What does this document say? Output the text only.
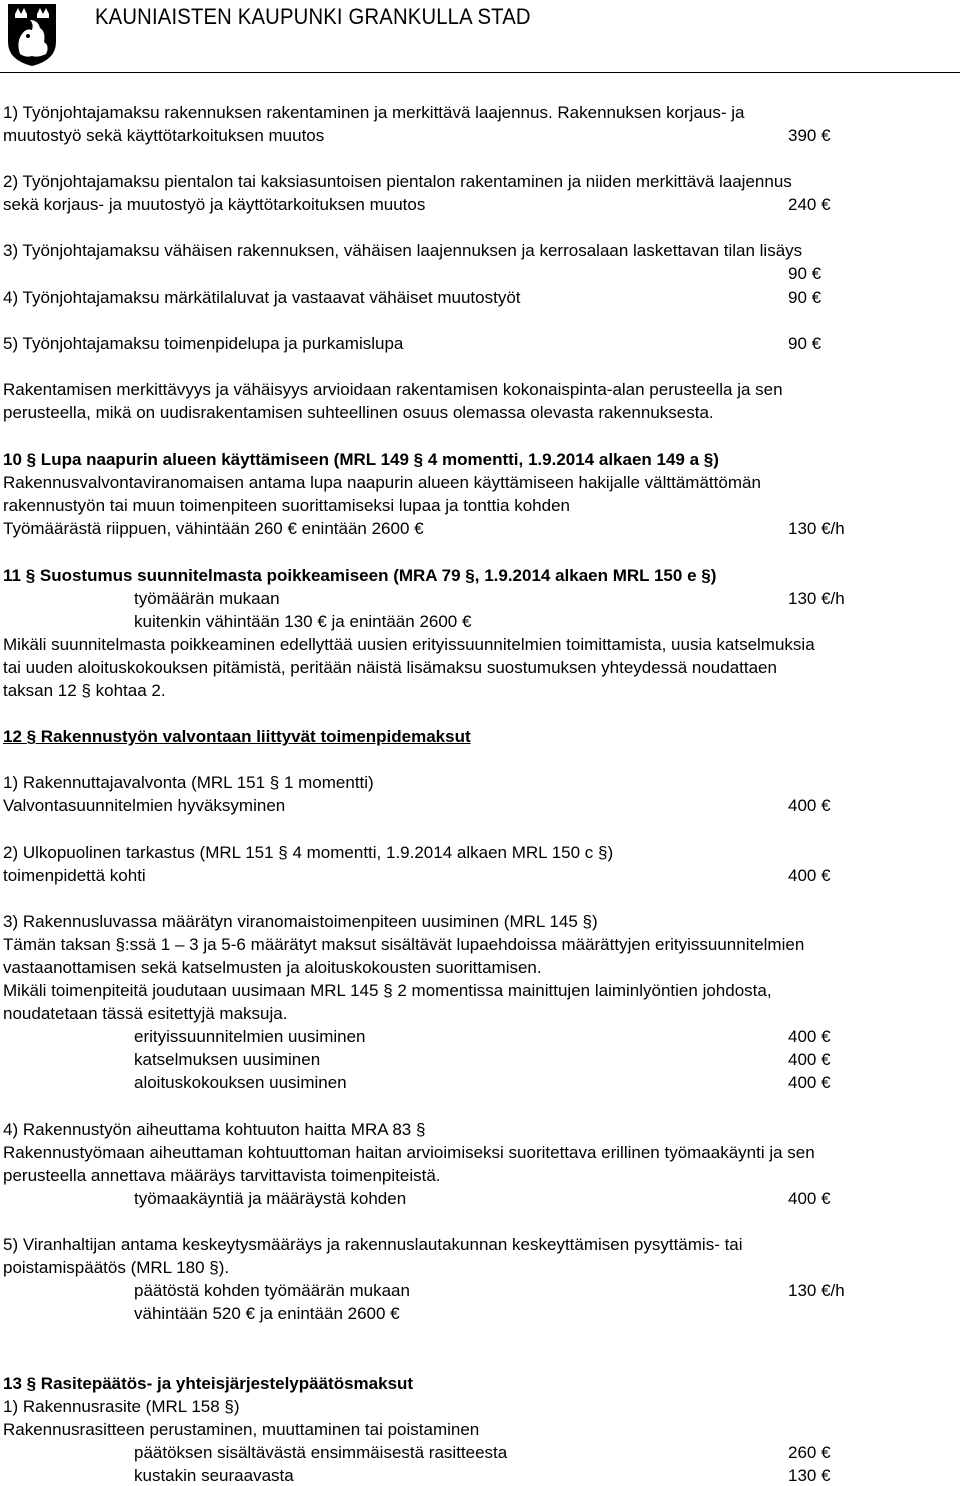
KAUNIAISTEN KAUPUNKI GRANKULLA STAD
1) Työnjohtajamaksu rakennuksen rakentaminen ja merkittävä laajennus. Rakennuksen korjaus- ja
muutostyö sekä käyttötarkoituksen muutos
2) Työnjohtajamaksu pientalon tai kaksiasuntoisen pientalon rakentaminen ja niiden merkittävä laajennus
sekä korjaus- ja muutostyö ja käyttötarkoituksen muutos
3) Työnjohtajamaksu vähäisen rakennuksen, vähäisen laajennuksen ja kerrosalaan laskettavan tilan lisäys
4) Työnjohtajamaksu märkätilaluvat ja vastaavat vähäiset muutostyöt
5) Työnjohtajamaksu toimenpidelupa ja purkamislupa
Rakentamisen merkittävyys ja vähäisyys arvioidaan rakentamisen kokonaispinta-alan perusteella ja sen
perusteella, mikä on uudisrakentamisen suhteellinen osuus olemassa olevasta rakennuksesta.
10 § Lupa naapurin alueen käyttämiseen (MRL 149 § 4 momentti, 1.9.2014 alkaen 149 a §)
Rakennusvalvontaviranomaisen antama lupa naapurin alueen käyttämiseen hakijalle välttämättömän
rakennustyön tai muun toimenpiteen suorittamiseksi lupaa ja tonttia kohden
Työmäärästä riippuen, vähintään 260 € enintään 2600 €
11 § Suostumus suunnitelmasta poikkeamiseen (MRA 79 §, 1.9.2014 alkaen MRL 150 e §)
työmäärän mukaan
kuitenkin vähintään 130 € ja enintään 2600 €
Mikäli suunnitelmasta poikkeaminen edellyttää uusien erityissuunnitelmien toimittamista, uusia katselmuksia
tai uuden aloituskokouksen pitämistä, peritään näistä lisämaksu suostumuksen yhteydessä noudattaen
taksan 12 § kohtaa 2.
12 § Rakennustyön valvontaan liittyvät toimenpidemaksut
1) Rakennuttajavalvonta (MRL 151 § 1 momentti)
Valvontasuunnitelmien hyväksyminen
2) Ulkopuolinen tarkastus (MRL 151 § 4 momentti, 1.9.2014 alkaen MRL 150 c §)
toimenpidettä kohti
3) Rakennusluvassa määrätyn viranomaistoimenpiteen uusiminen (MRL 145 §)
Tämän taksan §:ssä 1 – 3 ja 5-6 määrätyt maksut sisältävät lupaehdoissa määrättyjen erityissuunnitelmien
vastaanottamisen sekä katselmusten ja aloituskokousten suorittamisen.
Mikäli toimenpiteitä joudutaan uusimaan MRL 145 § 2 momentissa mainittujen laiminlyöntien johdosta,
noudatetaan tässä esitettyjä maksuja.
erityissuunnitelmien uusiminen
katselmuksen uusiminen
aloituskokouksen uusiminen
4) Rakennustyön aiheuttama kohtuuton haitta MRA 83 §
Rakennustyömaan aiheuttaman kohtuuttoman haitan arvioimiseksi suoritettava erillinen työmaakäynti ja sen
perusteella annettava määräys tarvittavista toimenpiteistä.
työmaakäyntiä ja määräystä kohden
5) Viranhaltijan antama keskeytysmääräys ja rakennuslautakunnan keskeyttämisen pysyttämis- tai
poistamispäätös (MRL 180 §).
päätöstä kohden työmäärän mukaan
vähintään 520 € ja enintään 2600 €
13 § Rasitepäätös- ja yhteisjärjestelypäätösmaksut
1) Rakennusrasite (MRL 158 §)
Rakennusrasitteen perustaminen, muuttaminen tai poistaminen
päätöksen sisältävästä ensimmäisestä rasitteesta
kustakin seuraavasta
390 €
240 €
90 €
90 €
90 €
130 €/h
130 €/h
400 €
400 €
400 €
400 €
400 €
400 €
130 €/h
260 €
130 €
